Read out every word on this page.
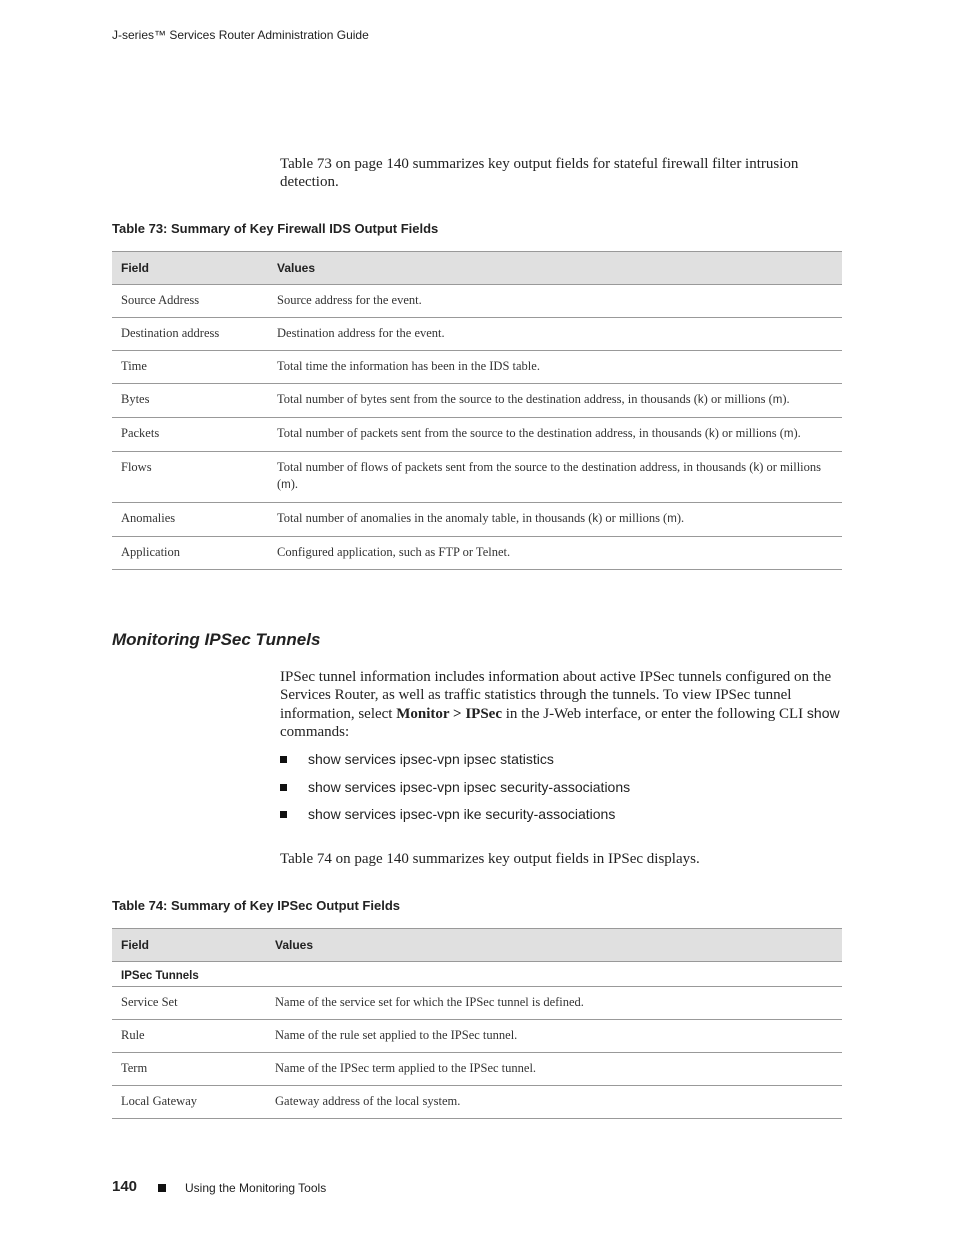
J-series™ Services Router Administration Guide
Table 73 on page 140 summarizes key output fields for stateful firewall filter intrusion detection.
Table 73: Summary of Key Firewall IDS Output Fields
Field	Values
Source Address	Source address for the event.
Destination address	Destination address for the event.
Time	Total time the information has been in the IDS table.
Bytes	Total number of bytes sent from the source to the destination address, in thousands (k) or millions (m).
Packets	Total number of packets sent from the source to the destination address, in thousands (k) or millions (m).
Flows	Total number of flows of packets sent from the source to the destination address, in thousands (k) or millions (m).
Anomalies	Total number of anomalies in the anomaly table, in thousands (k) or millions (m).
Application	Configured application, such as FTP or Telnet.
Monitoring IPSec Tunnels
IPSec tunnel information includes information about active IPSec tunnels configured on the Services Router, as well as traffic statistics through the tunnels. To view IPSec tunnel information, select Monitor > IPSec in the J-Web interface, or enter the following CLI show commands:
show services ipsec-vpn ipsec statistics
show services ipsec-vpn ipsec security-associations
show services ipsec-vpn ike security-associations
Table 74 on page 140 summarizes key output fields in IPSec displays.
Table 74: Summary of Key IPSec Output Fields
Field	Values
IPSec Tunnels	
Service Set	Name of the service set for which the IPSec tunnel is defined.
Rule	Name of the rule set applied to the IPSec tunnel.
Term	Name of the IPSec term applied to the IPSec tunnel.
Local Gateway	Gateway address of the local system.
140	Using the Monitoring Tools
